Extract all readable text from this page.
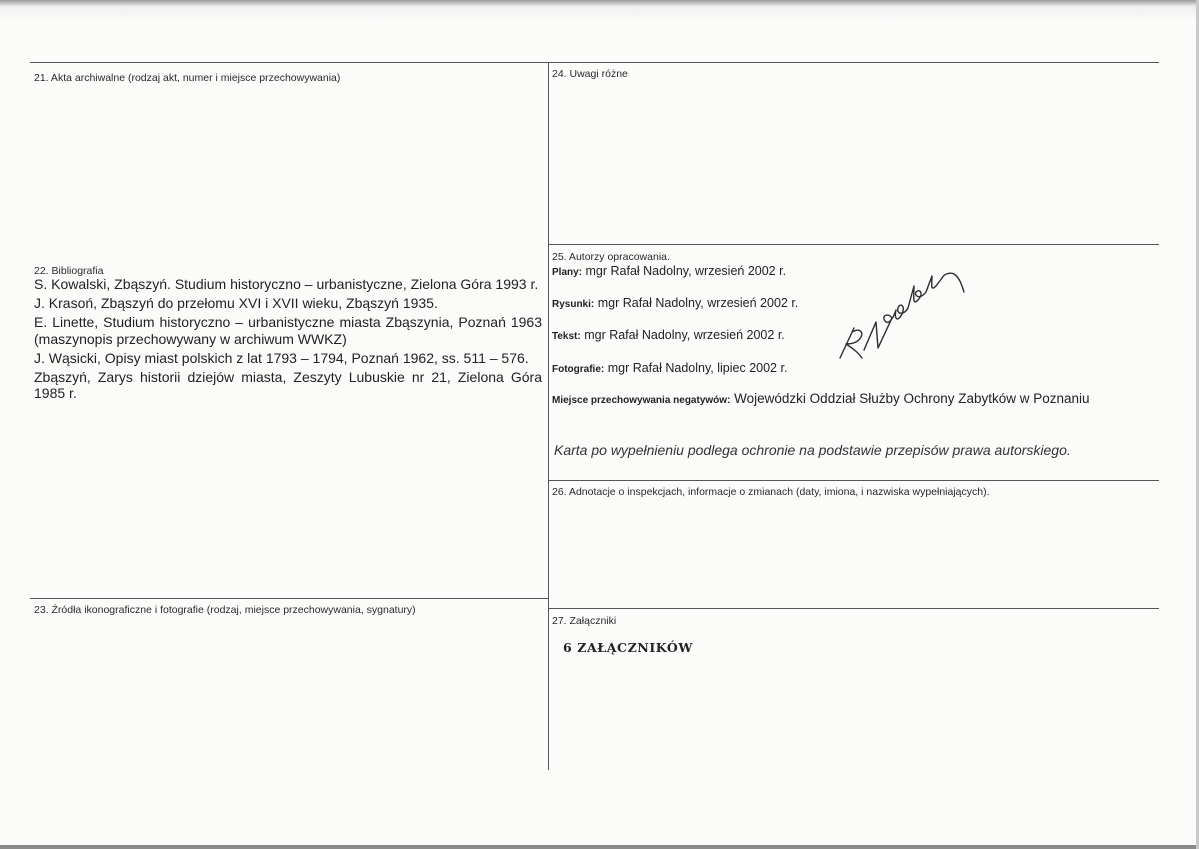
21. Akta archiwalne (rodzaj akt, numer i miejsce przechowywania)
22. Bibliografia

S. Kowalski, Zbąszyń. Studium historyczno – urbanistyczne, Zielona Góra 1993 r.

J. Krasoń, Zbąszyń do przełomu XVI i XVII wieku, Zbąszyń 1935.

E. Linette, Studium historyczno – urbanistyczne miasta Zbąszynia, Poznań 1963 (maszynopis przechowywany w archiwum WWKZ)

J. Wąsicki, Opisy miast polskich z lat 1793 – 1794, Poznań 1962, ss. 511 – 576.

Zbąszyń, Zarys historii dziejów miasta, Zeszyty Lubuskie nr 21, Zielona Góra 1985 r.

23. Źródła ikonograficzne i fotografie (rodzaj, miejsce przechowywania, sygnatury)
24. Uwagi różne
25. Autorzy opracowania.
Plany: mgr Rafał Nadolny, wrzesień 2002 r.
Rysunki: mgr Rafał Nadolny, wrzesień 2002 r.
Tekst: mgr Rafał Nadolny, wrzesień 2002 r.
Fotografie: mgr Rafał Nadolny, lipiec 2002 r.
Miejsce przechowywania negatywów: Wojewódzki Oddział Służby Ochrony Zabytków w Poznaniu
Karta po wypełnieniu podlega ochronie na podstawie przepisów prawa autorskiego.
26. Adnotacje o inspekcjach, informacje o zmianach (daty, imiona, i nazwiska wypełniających).
27. Załączniki
6 ZAŁĄCZNIKÓW
